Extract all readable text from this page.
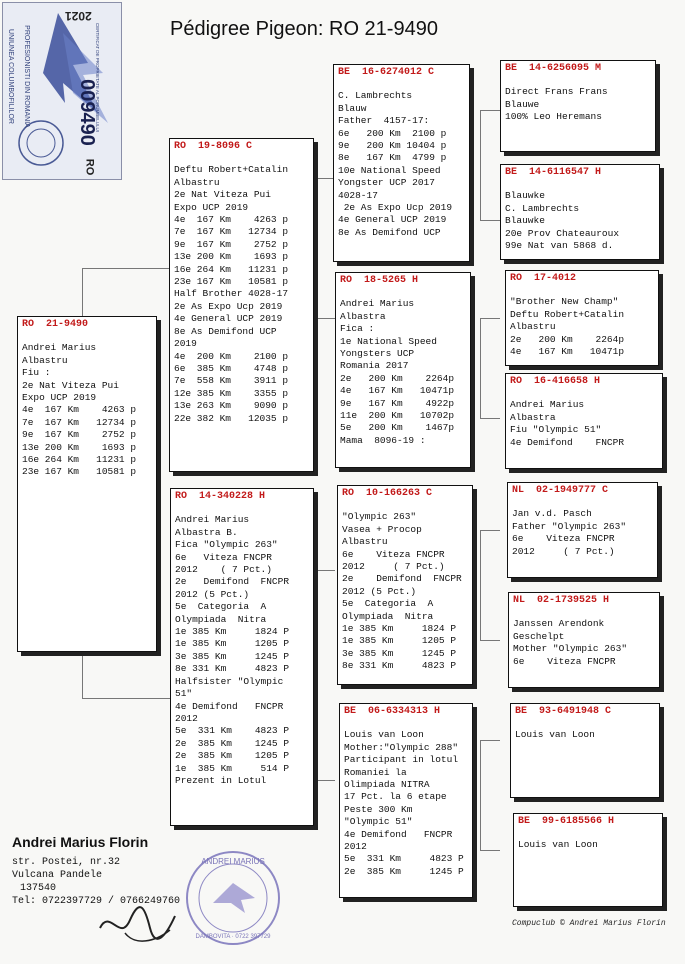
2021
UNIUNEA COLUMBOFILILOR PROFESIONISTI DIN ROMANIA 009490
CERTIFICAT DE PROPRIETATE AL PORUMBELULUI
RO
Pédigree Pigeon: RO 21-9490
RO  21-9490
Andrei Marius
Albastru
Fiu :
2e Nat Viteza Pui
Expo UCP 2019
4e  167 Km    4263 p
7e  167 Km   12734 p
9e  167 Km    2752 p
13e 200 Km    1693 p
16e 264 Km   11231 p
23e 167 Km   10581 p
RO  19-8096 C
Deftu Robert+Catalin
Albastru
2e Nat Viteza Pui
Expo UCP 2019
4e  167 Km    4263 p
7e  167 Km   12734 p
9e  167 Km    2752 p
13e 200 Km    1693 p
16e 264 Km   11231 p
23e 167 Km   10581 p
Half Brother 4028-17
2e As Expo Ucp 2019
4e General UCP 2019
8e As Demifond UCP
2019
4e  200 Km    2100 p
6e  385 Km    4748 p
7e  558 Km    3911 p
12e 385 Km    3355 p
13e 263 Km    9090 p
22e 382 Km   12035 p
RO  14-340228 H
Andrei Marius
Albastra B.
Fica "Olympic 263"
6e   Viteza FNCPR
2012    ( 7 Pct.)
2e   Demifond  FNCPR
2012 (5 Pct.)
5e  Categoria  A
Olympiada  Nitra
1e 385 Km     1824 P
1e 385 Km     1205 P
3e 385 Km     1245 P
8e 331 Km     4823 P
Halfsister "Olympic
51"
4e Demifond   FNCPR
2012
5e  331 Km    4823 P
2e  385 Km    1245 P
2e  385 Km    1205 P
1e  385 Km     514 P
Prezent in Lotul
BE  16-6274012 C
C. Lambrechts
Blauw
Father  4157-17:
6e   200 Km  2100 p
9e   200 Km 10404 p
8e   167 Km  4799 p
10e National Speed
Yongster UCP 2017
4028-17
2e As Expo Ucp 2019
4e General UCP 2019
8e As Demifond UCP
RO  18-5265 H
Andrei Marius
Albastra
Fica :
1e National Speed
Yongsters UCP
Romania 2017
2e   200 Km    2264p
4e   167 Km   10471p
9e   167 Km    4922p
11e  200 Km   10702p
5e   200 Km    1467p
Mama  8096-19 :
RO  10-166263 C
"Olympic 263"
Vasea + Procop
Albastru
6e    Viteza FNCPR
2012     ( 7 Pct.)
2e    Demifond  FNCPR
2012 (5 Pct.)
5e  Categoria  A
Olympiada  Nitra
1e 385 Km     1824 P
1e 385 Km     1205 P
3e 385 Km     1245 P
8e 331 Km     4823 P
BE  06-6334313 H
Louis van Loon
Mother:"Olympic 288"
Participant in lotul
Romaniei la
Olimpiada NITRA
17 Pct. la 6 etape
Peste 300 Km
"Olympic 51"
4e Demifond   FNCPR
2012
5e  331 Km     4823 P
2e  385 Km     1245 P
BE  14-6256095 M
Direct Frans Frans
Blauwe
100% Leo Heremans
BE  14-6116547 H
Blauwke
C. Lambrechts
Blauwke
20e Prov Chateauroux
99e Nat van 5868 d.
RO  17-4012
"Brother New Champ"
Deftu Robert+Catalin
Albastru
2e   200 Km    2264p
4e   167 Km   10471p
RO  16-416658 H
Andrei Marius
Albastra
Fiu "Olympic 51"
4e Demifond    FNCPR
NL  02-1949777 C
Jan v.d. Pasch
Father "Olympic 263"
6e    Viteza FNCPR
2012     ( 7 Pct.)
NL  02-1739525 H
Janssen Arendonk
Geschelpt
Mother "Olympic 263"
6e    Viteza FNCPR
BE  93-6491948 C
Louis van Loon
BE  99-6185566 H
Louis van Loon
Andrei Marius Florin
str. Postei, nr.32
Vulcana Pandele
137540
Tel: 0722397729 / 0766249760
ANDREI MARIUS
DAMBOVITA · 0722 397729
Compuclub © Andrei Marius Florin
